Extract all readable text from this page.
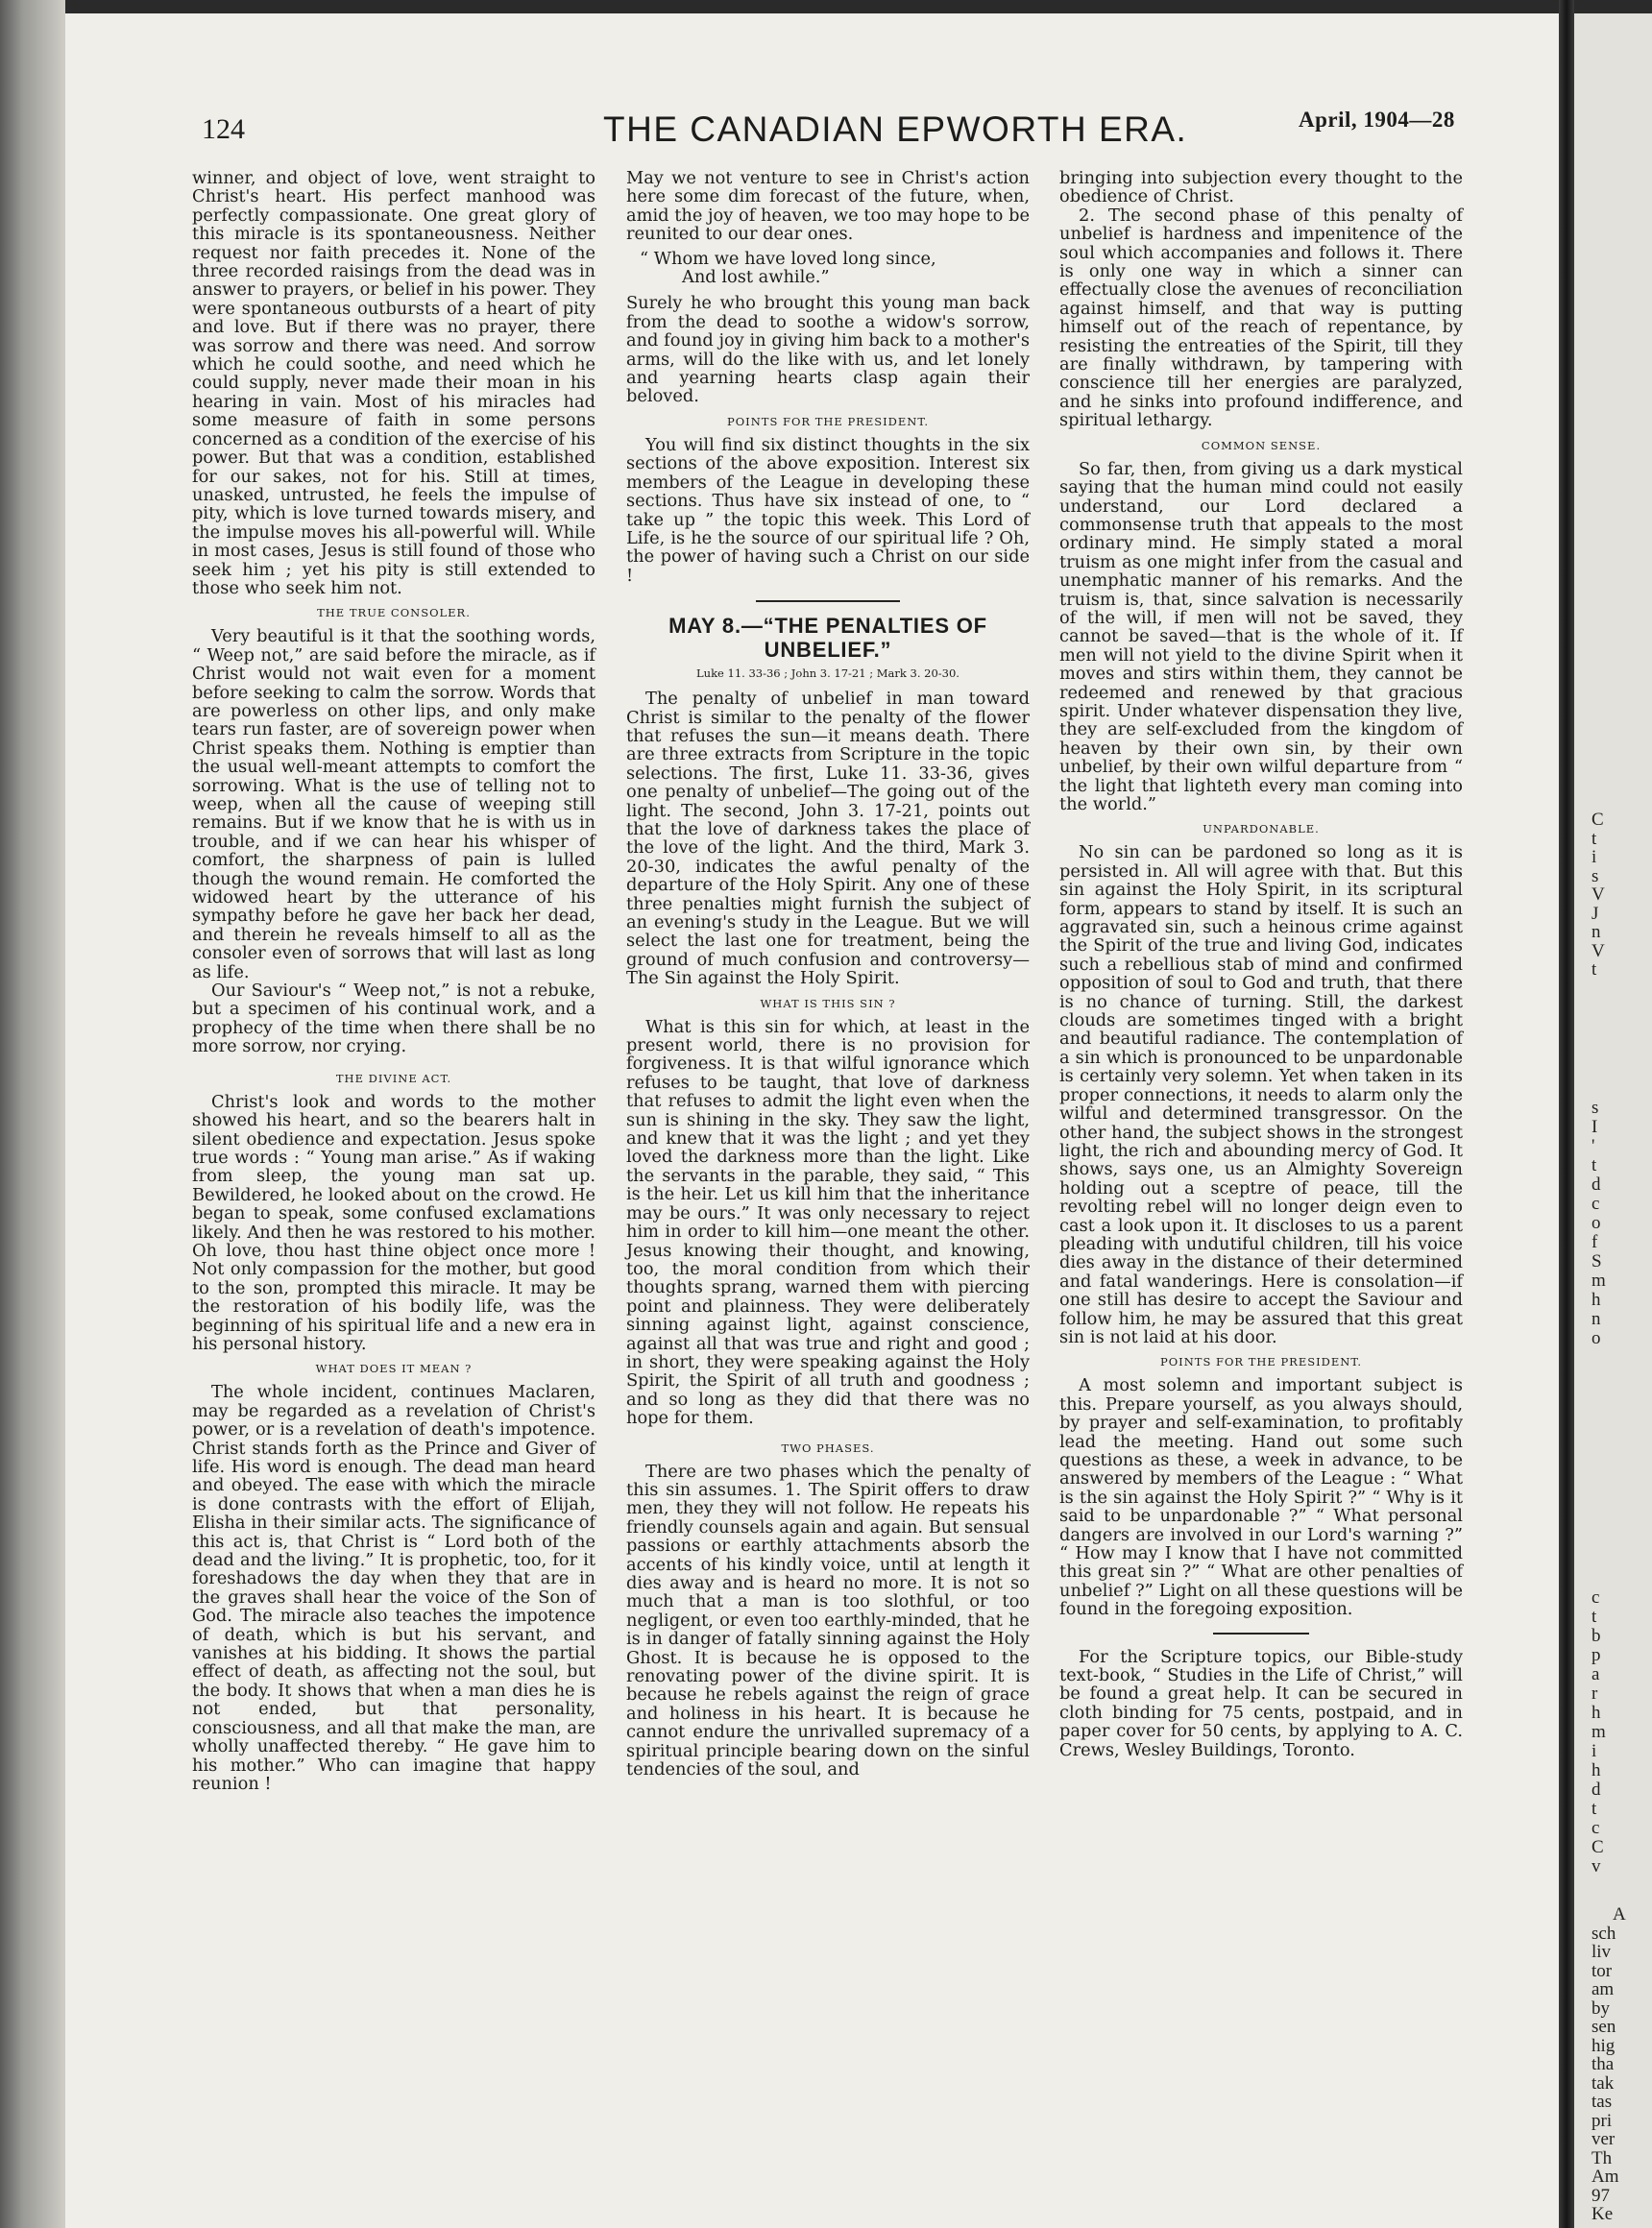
124	THE CANADIAN EPWORTH ERA.	April, 1904—28

winner, and object of love, went straight to Christ's heart. His perfect manhood was perfectly compassionate. One great glory of this miracle is its spontaneousness. Neither request nor faith precedes it. None of the three recorded raisings from the dead was in answer to prayers, or belief in his power. They were spontaneous outbursts of a heart of pity and love. But if there was no prayer, there was sorrow and there was need. And sorrow which he could soothe, and need which he could supply, never made their moan in his hearing in vain. Most of his miracles had some measure of faith in some persons concerned as a condition of the exercise of his power. But that was a condition, established for our sakes, not for his. Still at times, unasked, untrusted, he feels the impulse of pity, which is love turned towards misery, and the impulse moves his all-powerful will. While in most cases, Jesus is still found of those who seek him ; yet his pity is still extended to those who seek him not.

THE TRUE CONSOLER.

Very beautiful is it that the soothing words, “ Weep not,” are said before the miracle, as if Christ would not wait even for a moment before seeking to calm the sorrow. Words that are powerless on other lips, and only make tears run faster, are of sovereign power when Christ speaks them. Nothing is emptier than the usual well-meant attempts to comfort the sorrowing. What is the use of telling not to weep, when all the cause of weeping still remains. But if we know that he is with us in trouble, and if we can hear his whisper of comfort, the sharpness of pain is lulled though the wound remain. He comforted the widowed heart by the utterance of his sympathy before he gave her back her dead, and therein he reveals himself to all as the consoler even of sorrows that will last as long as life.

Our Saviour's “ Weep not,” is not a rebuke, but a specimen of his continual work, and a prophecy of the time when there shall be no more sorrow, nor crying.

THE DIVINE ACT.

Christ's look and words to the mother showed his heart, and so the bearers halt in silent obedience and expectation. Jesus spoke true words : “ Young man arise.” As if waking from sleep, the young man sat up. Bewildered, he looked about on the crowd. He began to speak, some confused exclamations likely. And then he was restored to his mother. Oh love, thou hast thine object once more ! Not only compassion for the mother, but good to the son, prompted this miracle. It may be the restoration of his bodily life, was the beginning of his spiritual life and a new era in his personal history.

WHAT DOES IT MEAN ?

The whole incident, continues Maclaren, may be regarded as a revelation of Christ's power, or is a revelation of death's impotence. Christ stands forth as the Prince and Giver of life. His word is enough. The dead man heard and obeyed. The ease with which the miracle is done contrasts with the effort of Elijah, Elisha in their similar acts. The significance of this act is, that Christ is “ Lord both of the dead and the living.” It is prophetic, too, for it foreshadows the day when they that are in the graves shall hear the voice of the Son of God. The miracle also teaches the impotence of death, which is but his servant, and vanishes at his bidding. It shows the partial effect of death, as affecting not the soul, but the body. It shows that when a man dies he is not ended, but that personality, consciousness, and all that make the man, are wholly unaffected thereby. “ He gave him to his mother.” Who can imagine that happy reunion !

May we not venture to see in Christ's action here some dim forecast of the future, when, amid the joy of heaven, we too may hope to be reunited to our dear ones.

“ Whom we have loved long since,
And lost awhile.”

Surely he who brought this young man back from the dead to soothe a widow's sorrow, and found joy in giving him back to a mother's arms, will do the like with us, and let lonely and yearning hearts clasp again their beloved.

POINTS FOR THE PRESIDENT.

You will find six distinct thoughts in the six sections of the above exposition. Interest six members of the League in developing these sections. Thus have six instead of one, to “ take up ” the topic this week. This Lord of Life, is he the source of our spiritual life ? Oh, the power of having such a Christ on our side !

MAY 8.—“THE PENALTIES OF UNBELIEF.”
Luke 11. 33-36 ; John 3. 17-21 ; Mark 3. 20-30.

The penalty of unbelief in man toward Christ is similar to the penalty of the flower that refuses the sun—it means death. There are three extracts from Scripture in the topic selections. The first, Luke 11. 33-36, gives one penalty of unbelief—The going out of the light. The second, John 3. 17-21, points out that the love of darkness takes the place of the love of the light. And the third, Mark 3. 20-30, indicates the awful penalty of the departure of the Holy Spirit. Any one of these three penalties might furnish the subject of an evening's study in the League. But we will select the last one for treatment, being the ground of much confusion and controversy—The Sin against the Holy Spirit.

WHAT IS THIS SIN ?

What is this sin for which, at least in the present world, there is no provision for forgiveness. It is that wilful ignorance which refuses to be taught, that love of darkness that refuses to admit the light even when the sun is shining in the sky. They saw the light, and knew that it was the light ; and yet they loved the darkness more than the light. Like the servants in the parable, they said, “ This is the heir. Let us kill him that the inheritance may be ours.” It was only necessary to reject him in order to kill him—one meant the other. Jesus knowing their thought, and knowing, too, the moral condition from which their thoughts sprang, warned them with piercing point and plainness. They were deliberately sinning against light, against conscience, against all that was true and right and good ; in short, they were speaking against the Holy Spirit, the Spirit of all truth and goodness ; and so long as they did that there was no hope for them.

TWO PHASES.

There are two phases which the penalty of this sin assumes. 1. The Spirit offers to draw men, they they will not follow. He repeats his friendly counsels again and again. But sensual passions or earthly attachments absorb the accents of his kindly voice, until at length it dies away and is heard no more. It is not so much that a man is too slothful, or too negligent, or even too earthly-minded, that he is in danger of fatally sinning against the Holy Ghost. It is because he is opposed to the renovating power of the divine spirit. It is because he rebels against the reign of grace and holiness in his heart. It is because he cannot endure the unrivalled supremacy of a spiritual principle bearing down on the sinful tendencies of the soul, and

bringing into subjection every thought to the obedience of Christ.

2. The second phase of this penalty of unbelief is hardness and impenitence of the soul which accompanies and follows it. There is only one way in which a sinner can effectually close the avenues of reconciliation against himself, and that way is putting himself out of the reach of repentance, by resisting the entreaties of the Spirit, till they are finally withdrawn, by tampering with conscience till her energies are paralyzed, and he sinks into profound indifference, and spiritual lethargy.

COMMON SENSE.

So far, then, from giving us a dark mystical saying that the human mind could not easily understand, our Lord declared a commonsense truth that appeals to the most ordinary mind. He simply stated a moral truism as one might infer from the casual and unemphatic manner of his remarks. And the truism is, that, since salvation is necessarily of the will, if men will not be saved, they cannot be saved—that is the whole of it. If men will not yield to the divine Spirit when it moves and stirs within them, they cannot be redeemed and renewed by that gracious spirit. Under whatever dispensation they live, they are self-excluded from the kingdom of heaven by their own sin, by their own unbelief, by their own wilful departure from “ the light that lighteth every man coming into the world.”

UNPARDONABLE.

No sin can be pardoned so long as it is persisted in. All will agree with that. But this sin against the Holy Spirit, in its scriptural form, appears to stand by itself. It is such an aggravated sin, such a heinous crime against the Spirit of the true and living God, indicates such a rebellious stab of mind and confirmed opposition of soul to God and truth, that there is no chance of turning. Still, the darkest clouds are sometimes tinged with a bright and beautiful radiance. The contemplation of a sin which is pronounced to be unpardonable is certainly very solemn. Yet when taken in its proper connections, it needs to alarm only the wilful and determined transgressor. On the other hand, the subject shows in the strongest light, the rich and abounding mercy of God. It shows, says one, us an Almighty Sovereign holding out a sceptre of peace, till the revolting rebel will no longer deign even to cast a look upon it. It discloses to us a parent pleading with undutiful children, till his voice dies away in the distance of their determined and fatal wanderings. Here is consolation—if one still has desire to accept the Saviour and follow him, he may be assured that this great sin is not laid at his door.

POINTS FOR THE PRESIDENT.

A most solemn and important subject is this. Prepare yourself, as you always should, by prayer and self-examination, to profitably lead the meeting. Hand out some such questions as these, a week in advance, to be answered by members of the League : “ What is the sin against the Holy Spirit ?” “ Why is it said to be unpardonable ?” “ What personal dangers are involved in our Lord's warning ?” “ How may I know that I have not committed this great sin ?” “ What are other penalties of unbelief ?” Light on all these questions will be found in the foregoing exposition.

For the Scripture topics, our Bible-study text-book, “ Studies in the Life of Christ,” will be found a great help. It can be secured in cloth binding for 75 cents, postpaid, and in paper cover for 50 cents, by applying to A. C. Crews, Wesley Buildings, Toronto.

C
t
i
s
V
J
n
V
t
s
I
'
t
d
c
o
f
S
m
h
n
o
c
t
b
p
a
r
h
m
i
h
d
t
c
C
v
A
sch
liv
tor
am
by
sen
hig
tha
tak
tas
pri
ver
Th
Am
97
Ke
